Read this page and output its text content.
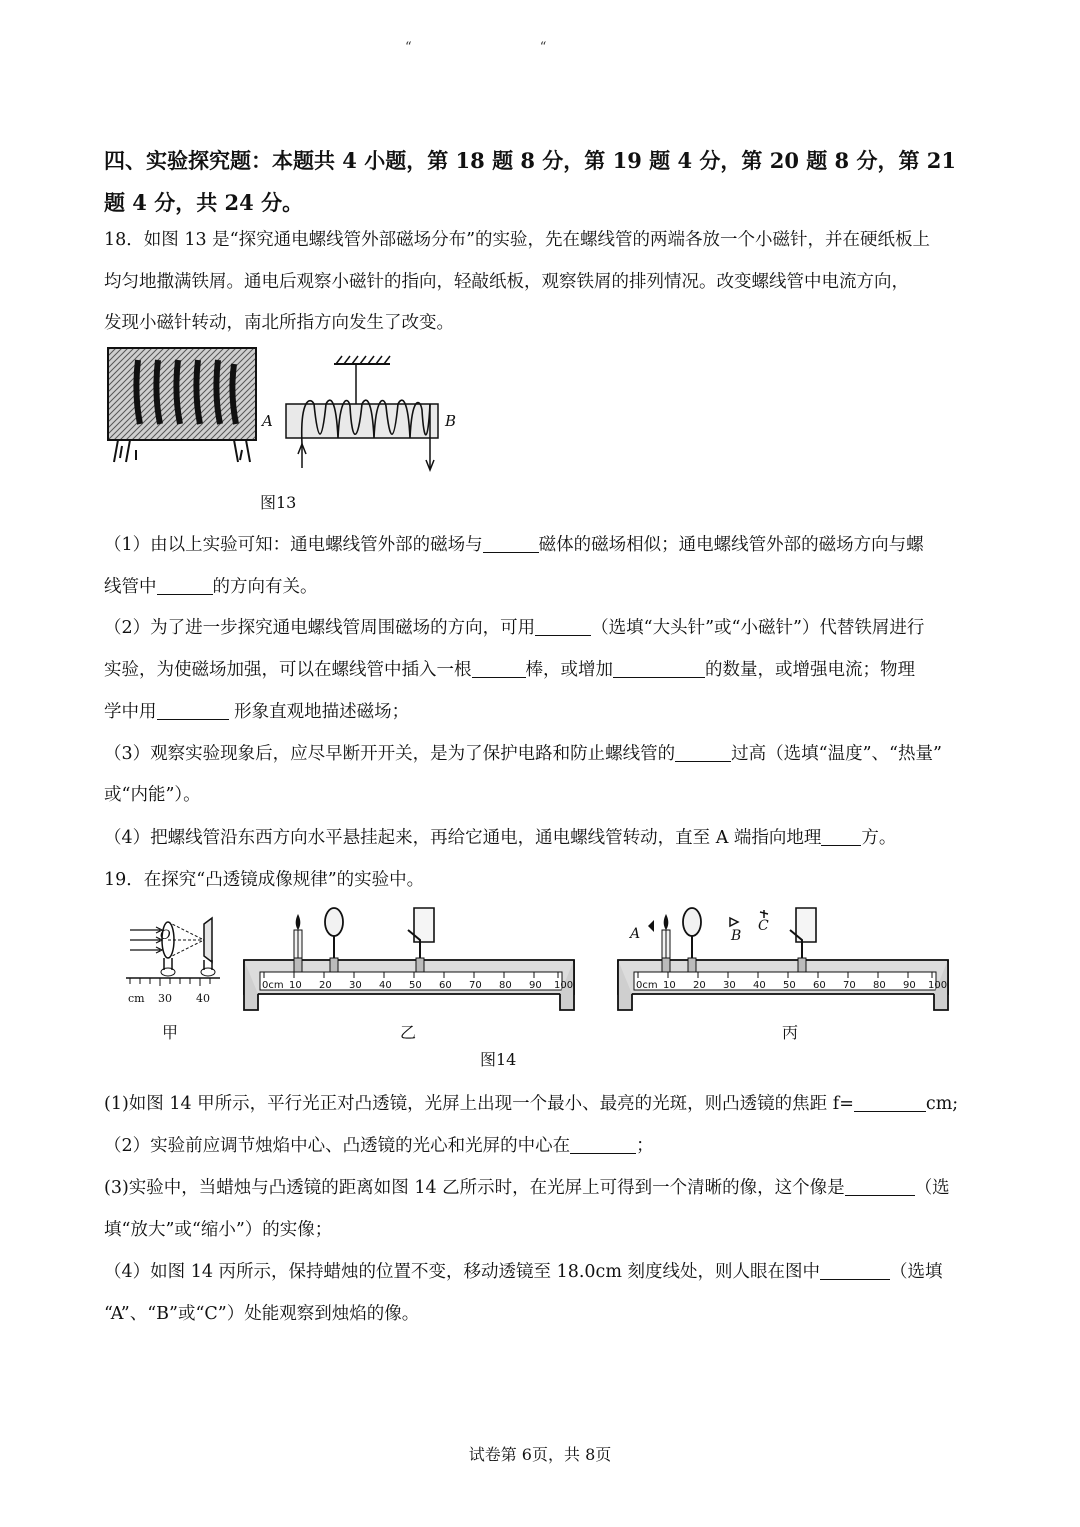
“ “
四、实验探究题：本题共 4 小题，第 18 题 8 分，第 19 题 4 分，第 20 题 8 分，第 21 题 4 分，共 24 分。
18．如图 13 是“探究通电螺线管外部磁场分布”的实验，先在螺线管的两端各放一个小磁针，并在硬纸板上
均匀地撒满铁屑。通电后观察小磁针的指向，轻敲纸板，观察铁屑的排列情况。改变螺线管中电流方向，
发现小磁针转动，南北所指方向发生了改变。
A	B
图13
（1）由以上实验可知：通电螺线管外部的磁场与	磁体的磁场相似；通电螺线管外部的磁场方向与螺
线管中	的方向有关。
（2）为了进一步探究通电螺线管周围磁场的方向，可用	（选填“大头针”或“小磁针”）代替铁屑进行
实验，为使磁场加强，可以在螺线管中插入一根	棒，或增加	的数量，或增强电流；物理
学中用	形象直观地描述磁场；
（3）观察实验现象后，应尽早断开开关，是为了保护电路和防止螺线管的	过高（选填“温度”、“热量”
或“内能”）。
（4）把螺线管沿东西方向水平悬挂起来，再给它通电，通电螺线管转动，直至 A 端指向地理 方。
19．在探究“凸透镜成像规律”的实验中。
O
cm 30 40
0cm 10 20 30 40 50 60 70 80 90 100	0cm 10 20 30 40 50 60 70 80 90 100
A	B
C
甲	乙	丙
图14
(1)如图 14 甲所示，平行光正对凸透镜，光屏上出现一个最小、最亮的光斑，则凸透镜的焦距 f=	cm;
（2）实验前应调节烛焰中心、凸透镜的光心和光屏的中心在	；
(3)实验中，当蜡烛与凸透镜的距离如图 14 乙所示时，在光屏上可得到一个清晰的像，这个像是	（选
填“放大”或“缩小”）的实像；
（4）如图 14 丙所示，保持蜡烛的位置不变，移动透镜至 18.0cm 刻度线处，则人眼在图中	（选填
“A”、“B”或“C”）处能观察到烛焰的像。
试卷第 6页，共 8页
